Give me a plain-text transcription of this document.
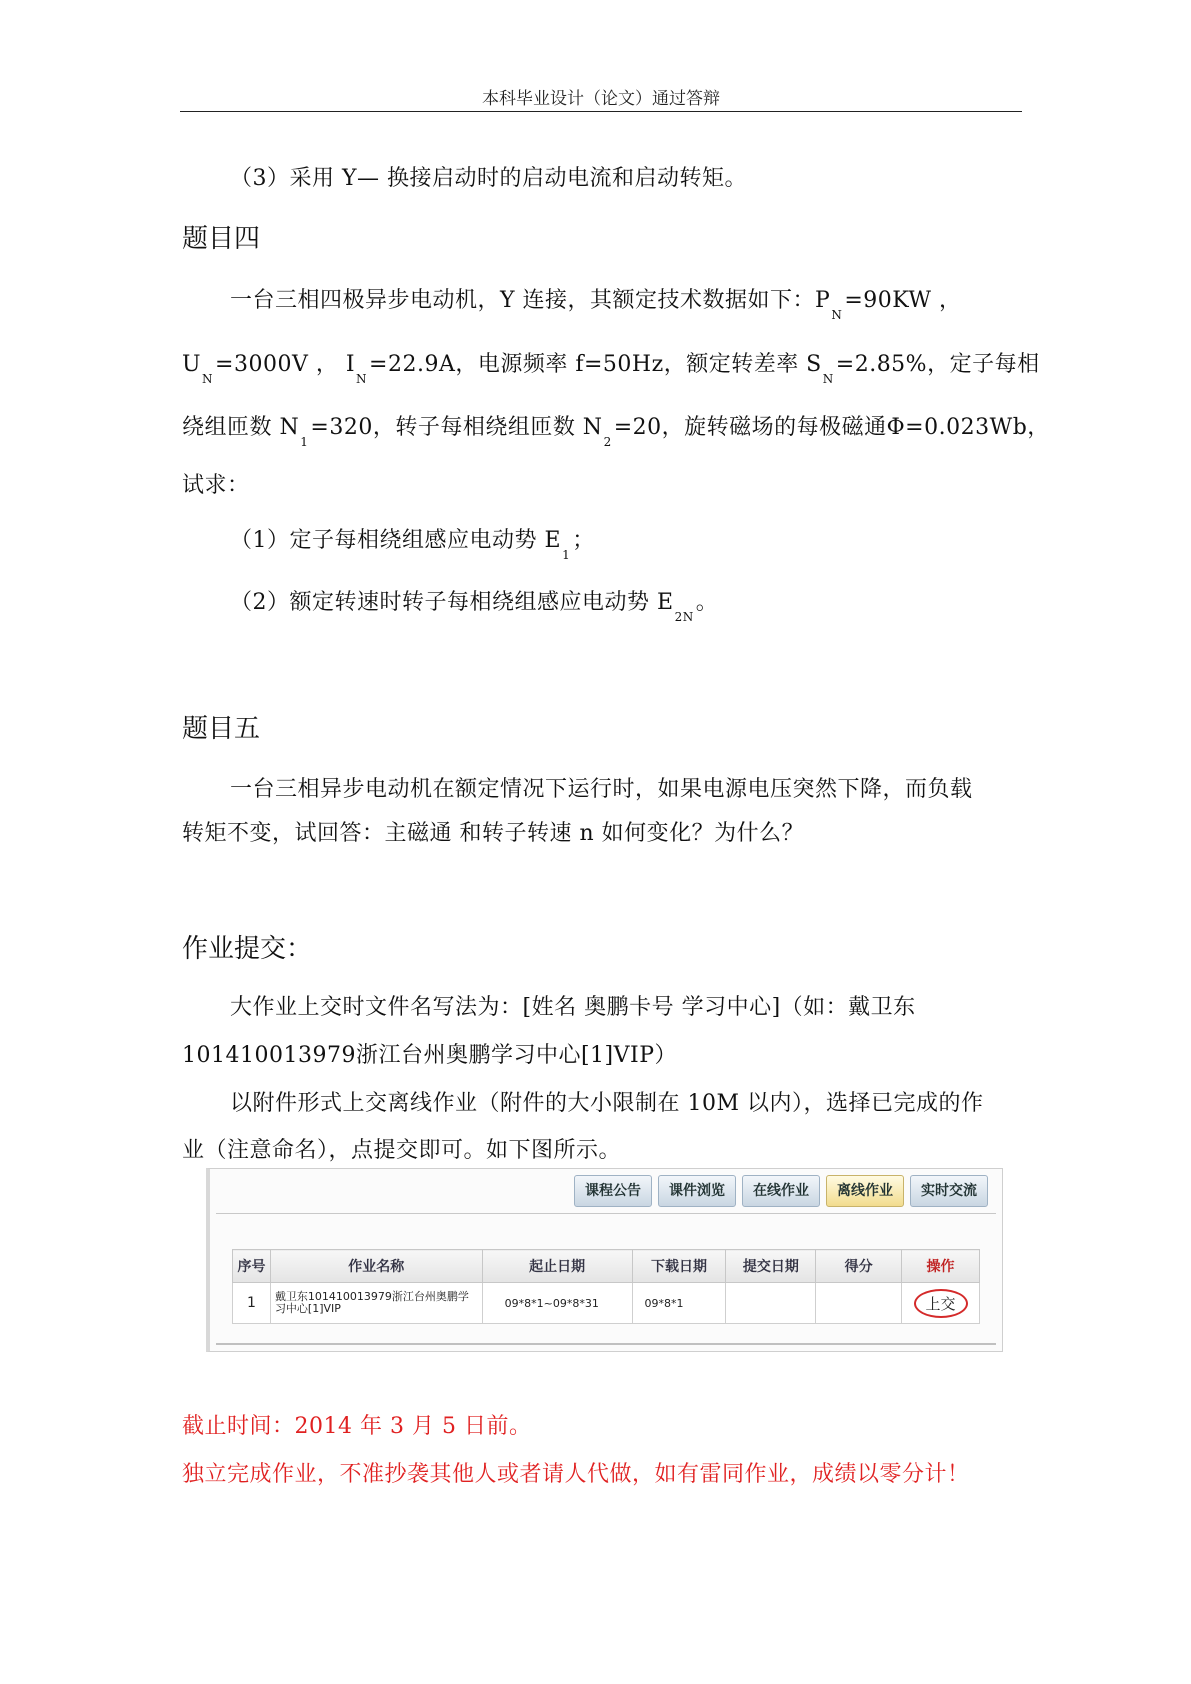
本科毕业设计（论文）通过答辩
（3）采用 Y— 换接启动时的启动电流和启动转矩。
题目四
一台三相四极异步电动机，Y 连接，其额定技术数据如下：$P_N=90KW$ ，
$U_N=3000V$ ， $I_N=22.9A$，电源频率 f=50Hz，额定转差率 $S_N=2.85\%$，定子每相
绕组匝数 $N_1=320$，转子每相绕组匝数 $N_2=20$，旋转磁场的每极磁通Φ=0.023Wb，
试求：
（1）定子每相绕组感应电动势 $E_1$；
（2）额定转速时转子每相绕组感应电动势 $E_{2N}$。
题目五
一台三相异步电动机在额定情况下运行时，如果电源电压突然下降，而负载
转矩不变，试回答：主磁通 和转子转速 n 如何变化？为什么？
作业提交：
大作业上交时文件名写法为：[姓名 奥鹏卡号 学习中心]（如：戴卫东
101410013979浙江台州奥鹏学习中心[1]VIP）
以附件形式上交离线作业（附件的大小限制在 10M 以内），选择已完成的作
业（注意命名），点提交即可。如下图所示。
课程公告	课件浏览	在线作业	离线作业	实时交流
序号	作业名称	起止日期	下载日期	提交日期	得分	操作
1	戴卫东101410013979浙江台州奥鹏学习中心[1]VIP	09*8*1~09*8*31	09*8*1			上交
截止时间：2014 年 3 月 5 日前。
独立完成作业，不准抄袭其他人或者请人代做，如有雷同作业，成绩以零分计！
